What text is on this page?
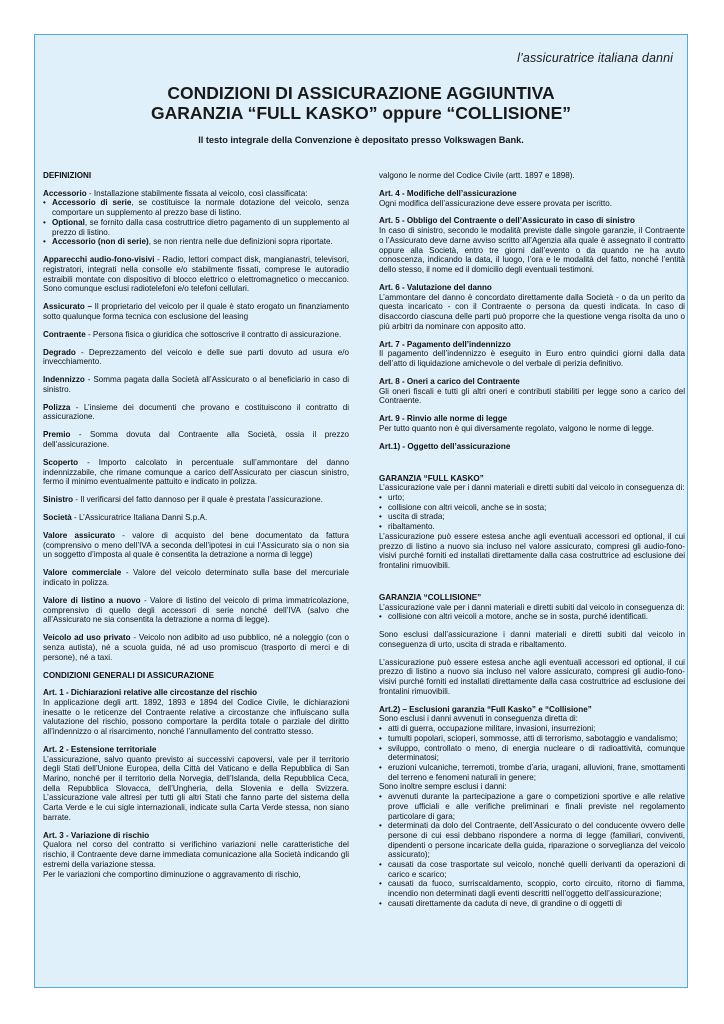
l’assicuratrice italiana danni
CONDIZIONI DI ASSICURAZIONE AGGIUNTIVA
GARANZIA “FULL KASKO” oppure “COLLISIONE”
Il testo integrale della Convenzione è depositato presso Volkswagen Bank.
DEFINIZIONI
Accessorio - Installazione stabilmente fissata al veicolo, così classificata:
• Accessorio di serie, se costituisce la normale dotazione del veicolo, senza comportare un supplemento al prezzo base di listino.
• Optional, se fornito dalla casa costruttrice dietro pagamento di un supplemento al prezzo di listino.
• Accessorio (non di serie), se non rientra nelle due definizioni sopra riportate.
Apparecchi audio-fono-visivi - Radio, lettori compact disk, mangianastri, televisori, registratori, integrati nella consolle e/o stabilmente fissati, comprese le autoradio estraibili montate con dispositivo di blocco elettrico o elettromagnetico o meccanico. Sono comunque esclusi radiotelefoni e/o telefoni cellulari.
Assicurato – Il proprietario del veicolo per il quale è stato erogato un finanziamento sotto qualunque forma tecnica con esclusione del leasing
Contraente - Persona fisica o giuridica che sottoscrive il contratto di assicurazione.
Degrado - Deprezzamento del veicolo e delle sue parti dovuto ad usura e/o invecchiamento.
Indennizzo - Somma pagata dalla Società all’Assicurato o al beneficiario in caso di sinistro.
Polizza - L’insieme dei documenti che provano e costituiscono il contratto di assicurazione.
Premio - Somma dovuta dal Contraente alla Società, ossia il prezzo dell’assicurazione.
Scoperto - Importo calcolato in percentuale sull’ammontare del danno indennizzabile, che rimane comunque a carico dell’Assicurato per ciascun sinistro, fermo il minimo eventualmente pattuito e indicato in polizza.
Sinistro - Il verificarsi del fatto dannoso per il quale è prestata l’assicurazione.
Società - L’Assicuratrice Italiana Danni S.p.A.
Valore assicurato - valore di acquisto del bene documentato da fattura (comprensivo o meno dell’IVA a seconda dell’ipotesi in cui l’Assicurato sia o non sia un soggetto d’imposta al quale è consentita la detrazione a norma di legge)
Valore commerciale - Valore del veicolo determinato sulla base del mercuriale indicato in polizza.
Valore di listino a nuovo - Valore di listino del veicolo di prima immatricolazione, comprensivo di quello degli accessori di serie nonché dell’IVA (salvo che all’Assicurato ne sia consentita la detrazione a norma di legge).
Veicolo ad uso privato - Veicolo non adibito ad uso pubblico, né a noleggio (con o senza autista), né a scuola guida, né ad uso promiscuo (trasporto di merci e di persone), né a taxi.
CONDIZIONI GENERALI DI ASSICURAZIONE
Art. 1 - Dichiarazioni relative alle circostanze del rischio
In applicazione degli artt. 1892, 1893 e 1894 del Codice Civile, le dichiarazioni inesatte o le reticenze del Contraente relative a circostanze che influiscano sulla valutazione del rischio, possono comportare la perdita totale o parziale del diritto all’indennizzo o al risarcimento, nonché l’annullamento del contratto stesso.
Art. 2 - Estensione territoriale
L’assicurazione, salvo quanto previsto ai successivi capoversi, vale per il territorio degli Stati dell’Unione Europea, della Città del Vaticano e della Repubblica di San Marino, nonché per il territorio della Norvegia, dell’Islanda, della Repubblica Ceca, della Repubblica Slovacca, dell’Ungheria, della Slovenia e della Svizzera. L’assicurazione vale altresì per tutti gli altri Stati che fanno parte del sistema della Carta Verde e le cui sigle internazionali, indicate sulla Carta Verde stessa, non siano barrate.
Art. 3 - Variazione di rischio
Qualora nel corso del contratto si verifichino variazioni nelle caratteristiche del rischio, il Contraente deve darne immediata comunicazione alla Società indicando gli estremi della variazione stessa.
Per le variazioni che comportino diminuzione o aggravamento di rischio,
valgono le norme del Codice Civile (artt. 1897 e 1898).
Art. 4 - Modifiche dell’assicurazione
Ogni modifica dell’assicurazione deve essere provata per iscritto.
Art. 5 - Obbligo del Contraente o dell’Assicurato in caso di sinistro
In caso di sinistro, secondo le modalità previste dalle singole garanzie, il Contraente o l’Assicurato deve darne avviso scritto all’Agenzia alla quale è assegnato il contratto oppure alla Società, entro tre giorni dall’evento o da quando ne ha avuto conoscenza, indicando la data, il luogo, l’ora e le modalità del fatto, nonché l’entità dello stesso, il nome ed il domicilio degli eventuali testimoni.
Art. 6 - Valutazione del danno
L’ammontare del danno è concordato direttamente dalla Società - o da un perito da questa incaricato - con il Contraente o persona da questi indicata. In caso di disaccordo ciascuna delle parti può proporre che la questione venga risolta da uno o più arbitri da nominare con apposito atto.
Art. 7 - Pagamento dell’indennizzo
Il pagamento dell’indennizzo è eseguito in Euro entro quindici giorni dalla data dell’atto di liquidazione amichevole o del verbale di perizia definitivo.
Art. 8 - Oneri a carico del Contraente
Gli oneri fiscali e tutti gli altri oneri e contributi stabiliti per legge sono a carico del Contraente.
Art. 9 - Rinvio alle norme di legge
Per tutto quanto non è qui diversamente regolato, valgono le norme di legge.
Art.1) - Oggetto dell’assicurazione
GARANZIA “FULL KASKO”
L’assicurazione vale per i danni materiali e diretti subiti dal veicolo in conseguenza di:
• urto;
• collisione con altri veicoli, anche se in sosta;
• uscita di strada;
• ribaltamento.
L’assicurazione può essere estesa anche agli eventuali accessori ed optional, il cui prezzo di listino a nuovo sia incluso nel valore assicurato, compresi gli audio-fono-visivi purché forniti ed installati direttamente dalla casa costruttrice ad esclusione dei frontalini rimuovibili.
GARANZIA “COLLISIONE”
L’assicurazione vale per i danni materiali e diretti subiti dal veicolo in conseguenza di:
• collisione con altri veicoli a motore, anche se in sosta, purché identificati.
Sono esclusi dall’assicurazione i danni materiali e diretti subiti dal veicolo in conseguenza di urto, uscita di strada e ribaltamento.
L’assicurazione può essere estesa anche agli eventuali accessori ed optional, il cui prezzo di listino a nuovo sia incluso nel valore assicurato, compresi gli audio-fono-visivi purché forniti ed installati direttamente dalla casa costruttrice ad esclusione dei frontalini rimuovibili.
Art.2) – Esclusioni garanzia “Full Kasko” e “Collisione”
Sono esclusi i danni avvenuti in conseguenza diretta di:
• atti di guerra, occupazione militare, invasioni, insurrezioni;
• tumulti popolari, scioperi, sommosse, atti di terrorismo, sabotaggio e vandalismo;
• sviluppo, controllato o meno, di energia nucleare o di radioattività, comunque determinatosi;
• eruzioni vulcaniche, terremoti, trombe d’aria, uragani, alluvioni, frane, smottamenti del terreno e fenomeni naturali in genere;
Sono inoltre sempre esclusi i danni:
• avvenuti durante la partecipazione a gare o competizioni sportive e alle relative prove ufficiali e alle verifiche preliminari e finali previste nel regolamento particolare di gara;
• determinati da dolo del Contraente, dell’Assicurato o del conducente ovvero delle persone di cui essi debbano rispondere a norma di legge (familiari, conviventi, dipendenti o persone incaricate della guida, riparazione o sorveglianza del veicolo assicurato);
• causati da cose trasportate sul veicolo, nonché quelli derivanti da operazioni di carico e scarico;
• causati da fuoco, surriscaldamento, scoppio, corto circuito, ritorno di fiamma, incendio non determinati dagli eventi descritti nell’oggetto dell’assicurazione;
• causati direttamente da caduta di neve, di grandine o di oggetti di
